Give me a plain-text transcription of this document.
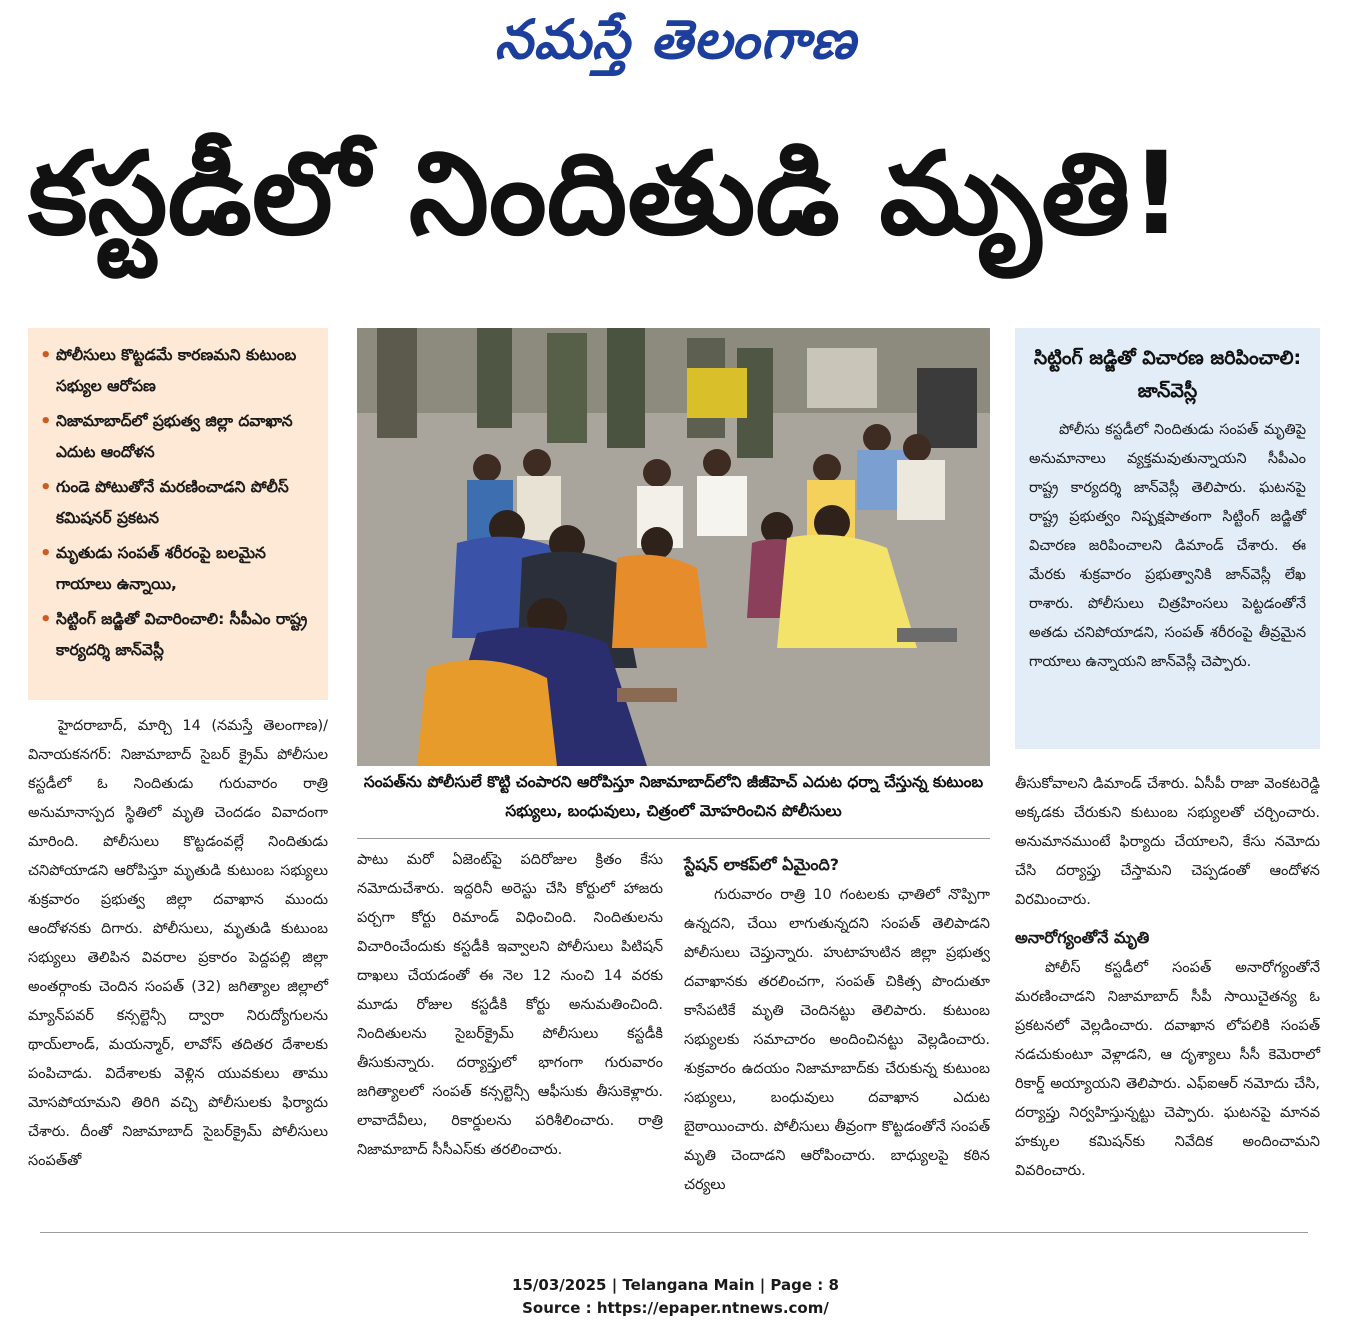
నమస్తే తెలంగాణ
కస్టడీలో నిందితుడి మృతి!
• పోలీసులు కొట్టడమే కారణమని కుటుంబ సభ్యుల ఆరోపణ
• నిజామాబాద్‌లో ప్రభుత్వ జిల్లా దవాఖాన ఎదుట ఆందోళన
• గుండె పోటుతోనే మరణించాడని పోలీస్ కమిషనర్ ప్రకటన
• మృతుడు సంపత్ శరీరంపై బలమైన గాయాలు ఉన్నాయి,
• సిట్టింగ్ జడ్జితో విచారించాలి: సీపీఎం రాష్ట్ర కార్యదర్శి జాన్‌వెస్లీ
సంపత్‌ను పోలీసులే కొట్టి చంపారని ఆరోపిస్తూ నిజామాబాద్‌లోని జీజీహెచ్ ఎదుట ధర్నా చేస్తున్న కుటుంబ సభ్యులు, బంధువులు, చిత్రంలో మోహరించిన పోలీసులు
సిట్టింగ్ జడ్జితో విచారణ జరిపించాలి: జాన్‌వెస్లీ
పోలీసు కస్టడీలో నిందితుడు సంపత్ మృతిపై అనుమానాలు వ్యక్తమవుతున్నాయని సీపీఎం రాష్ట్ర కార్యదర్శి జాన్‌వెస్లీ తెలిపారు. ఘటనపై రాష్ట్ర ప్రభుత్వం నిష్పక్షపాతంగా సిట్టింగ్ జడ్జితో విచారణ జరిపించాలని డిమాండ్ చేశారు. ఈ మేరకు శుక్రవారం ప్రభుత్వానికి జాన్‌వెస్లీ లేఖ రాశారు. పోలీసులు చిత్రహింసలు పెట్టడంతోనే అతడు చనిపోయాడని, సంపత్ శరీరంపై తీవ్రమైన గాయాలు ఉన్నాయని జాన్‌వెస్లీ చెప్పారు.
హైదరాబాద్, మార్చి 14 (నమస్తే తెలంగాణ)/వినాయకనగర్: నిజామాబాద్ సైబర్ క్రైమ్ పోలీసుల కస్టడీలో ఓ నిందితుడు గురువారం రాత్రి అనుమానాస్పద స్థితిలో మృతి చెందడం వివాదంగా మారింది. పోలీసులు కొట్టడంవల్లే నిందితుడు చనిపోయాడని ఆరోపిస్తూ మృతుడి కుటుంబ సభ్యులు శుక్రవారం ప్రభుత్వ జిల్లా దవాఖాన ముందు ఆందోళనకు దిగారు. పోలీసులు, మృతుడి కుటుంబ సభ్యులు తెలిపిన వివరాల ప్రకారం పెద్దపల్లి జిల్లా అంతర్గాంకు చెందిన సంపత్ (32) జగిత్యాల జిల్లాలో మ్యాన్‌పవర్ కన్సల్టెన్సీ ద్వారా నిరుద్యోగులను థాయ్‌లాండ్, మయన్మార్, లావోస్ తదితర దేశాలకు పంపిచాడు. విదేశాలకు వెళ్లిన యువకులు తాము మోసపోయామని తిరిగి వచ్చి పోలీసులకు ఫిర్యాదు చేశారు. దీంతో నిజామాబాద్ సైబర్‌క్రైమ్ పోలీసులు సంపత్‌తో
పాటు మరో ఏజెంట్‌పై పదిరోజుల క్రితం కేసు నమోదుచేశారు. ఇద్దరినీ అరెస్టు చేసి కోర్టులో హాజరు పర్చగా కోర్టు రిమాండ్ విధించింది. నిందితులను విచారించేందుకు కస్టడీకి ఇవ్వాలని పోలీసులు పిటిషన్ దాఖలు చేయడంతో ఈ నెల 12 నుంచి 14 వరకు మూడు రోజుల కస్టడీకి కోర్టు అనుమతించింది. నిందితులను సైబర్‌క్రైమ్ పోలీసులు కస్టడీకి తీసుకున్నారు. దర్యాప్తులో భాగంగా గురువారం జగిత్యాలలో సంపత్ కన్సల్టెన్సీ ఆఫీసుకు తీసుకెళ్లారు. లావాదేవీలు, రికార్డులను పరిశీలించారు. రాత్రి నిజామాబాద్ సీసీఎస్‌కు తరలించారు.
స్టేషన్ లాకప్‌లో ఏమైంది?
గురువారం రాత్రి 10 గంటలకు ఛాతిలో నొప్పిగా ఉన్నదని, చేయి లాగుతున్నదని సంపత్ తెలిపాడని పోలీసులు చెప్తున్నారు. హుటాహుటిన జిల్లా ప్రభుత్వ దవాఖానకు తరలించగా, సంపత్ చికిత్స పొందుతూ కాసేపటికే మృతి చెందినట్టు తెలిపారు. కుటుంబ సభ్యులకు సమాచారం అందించినట్టు వెల్లడించారు. శుక్రవారం ఉదయం నిజామాబాద్‌కు చేరుకున్న కుటుంబ సభ్యులు, బంధువులు దవాఖాన ఎదుట బైఠాయించారు. పోలీసులు తీవ్రంగా కొట్టడంతోనే సంపత్ మృతి చెందాడని ఆరోపించారు. బాధ్యులపై కఠిన చర్యలు
తీసుకోవాలని డిమాండ్ చేశారు. ఏసీపీ రాజా వెంకటరెడ్డి అక్కడకు చేరుకుని కుటుంబ సభ్యులతో చర్చించారు. అనుమానముంటే ఫిర్యాదు చేయాలని, కేసు నమోదు చేసి దర్యాప్తు చేస్తామని చెప్పడంతో ఆందోళన విరమించారు.
అనారోగ్యంతోనే మృతి
పోలీస్ కస్టడీలో సంపత్ అనారోగ్యంతోనే మరణించాడని నిజామాబాద్ సీపీ సాయిచైతన్య ఓ ప్రకటనలో వెల్లడించారు. దవాఖాన లోపలికి సంపత్ నడచుకుంటూ వెళ్లాడని, ఆ దృశ్యాలు సీసీ కెమెరాలో రికార్డ్ అయ్యాయని తెలిపారు. ఎఫ్ఐఆర్ నమోదు చేసి, దర్యాప్తు నిర్వహిస్తున్నట్టు చెప్పారు. ఘటనపై మానవ హక్కుల కమిషన్‌కు నివేదిక అందించామని వివరించారు.
15/03/2025 | Telangana Main | Page : 8
Source : https://epaper.ntnews.com/
